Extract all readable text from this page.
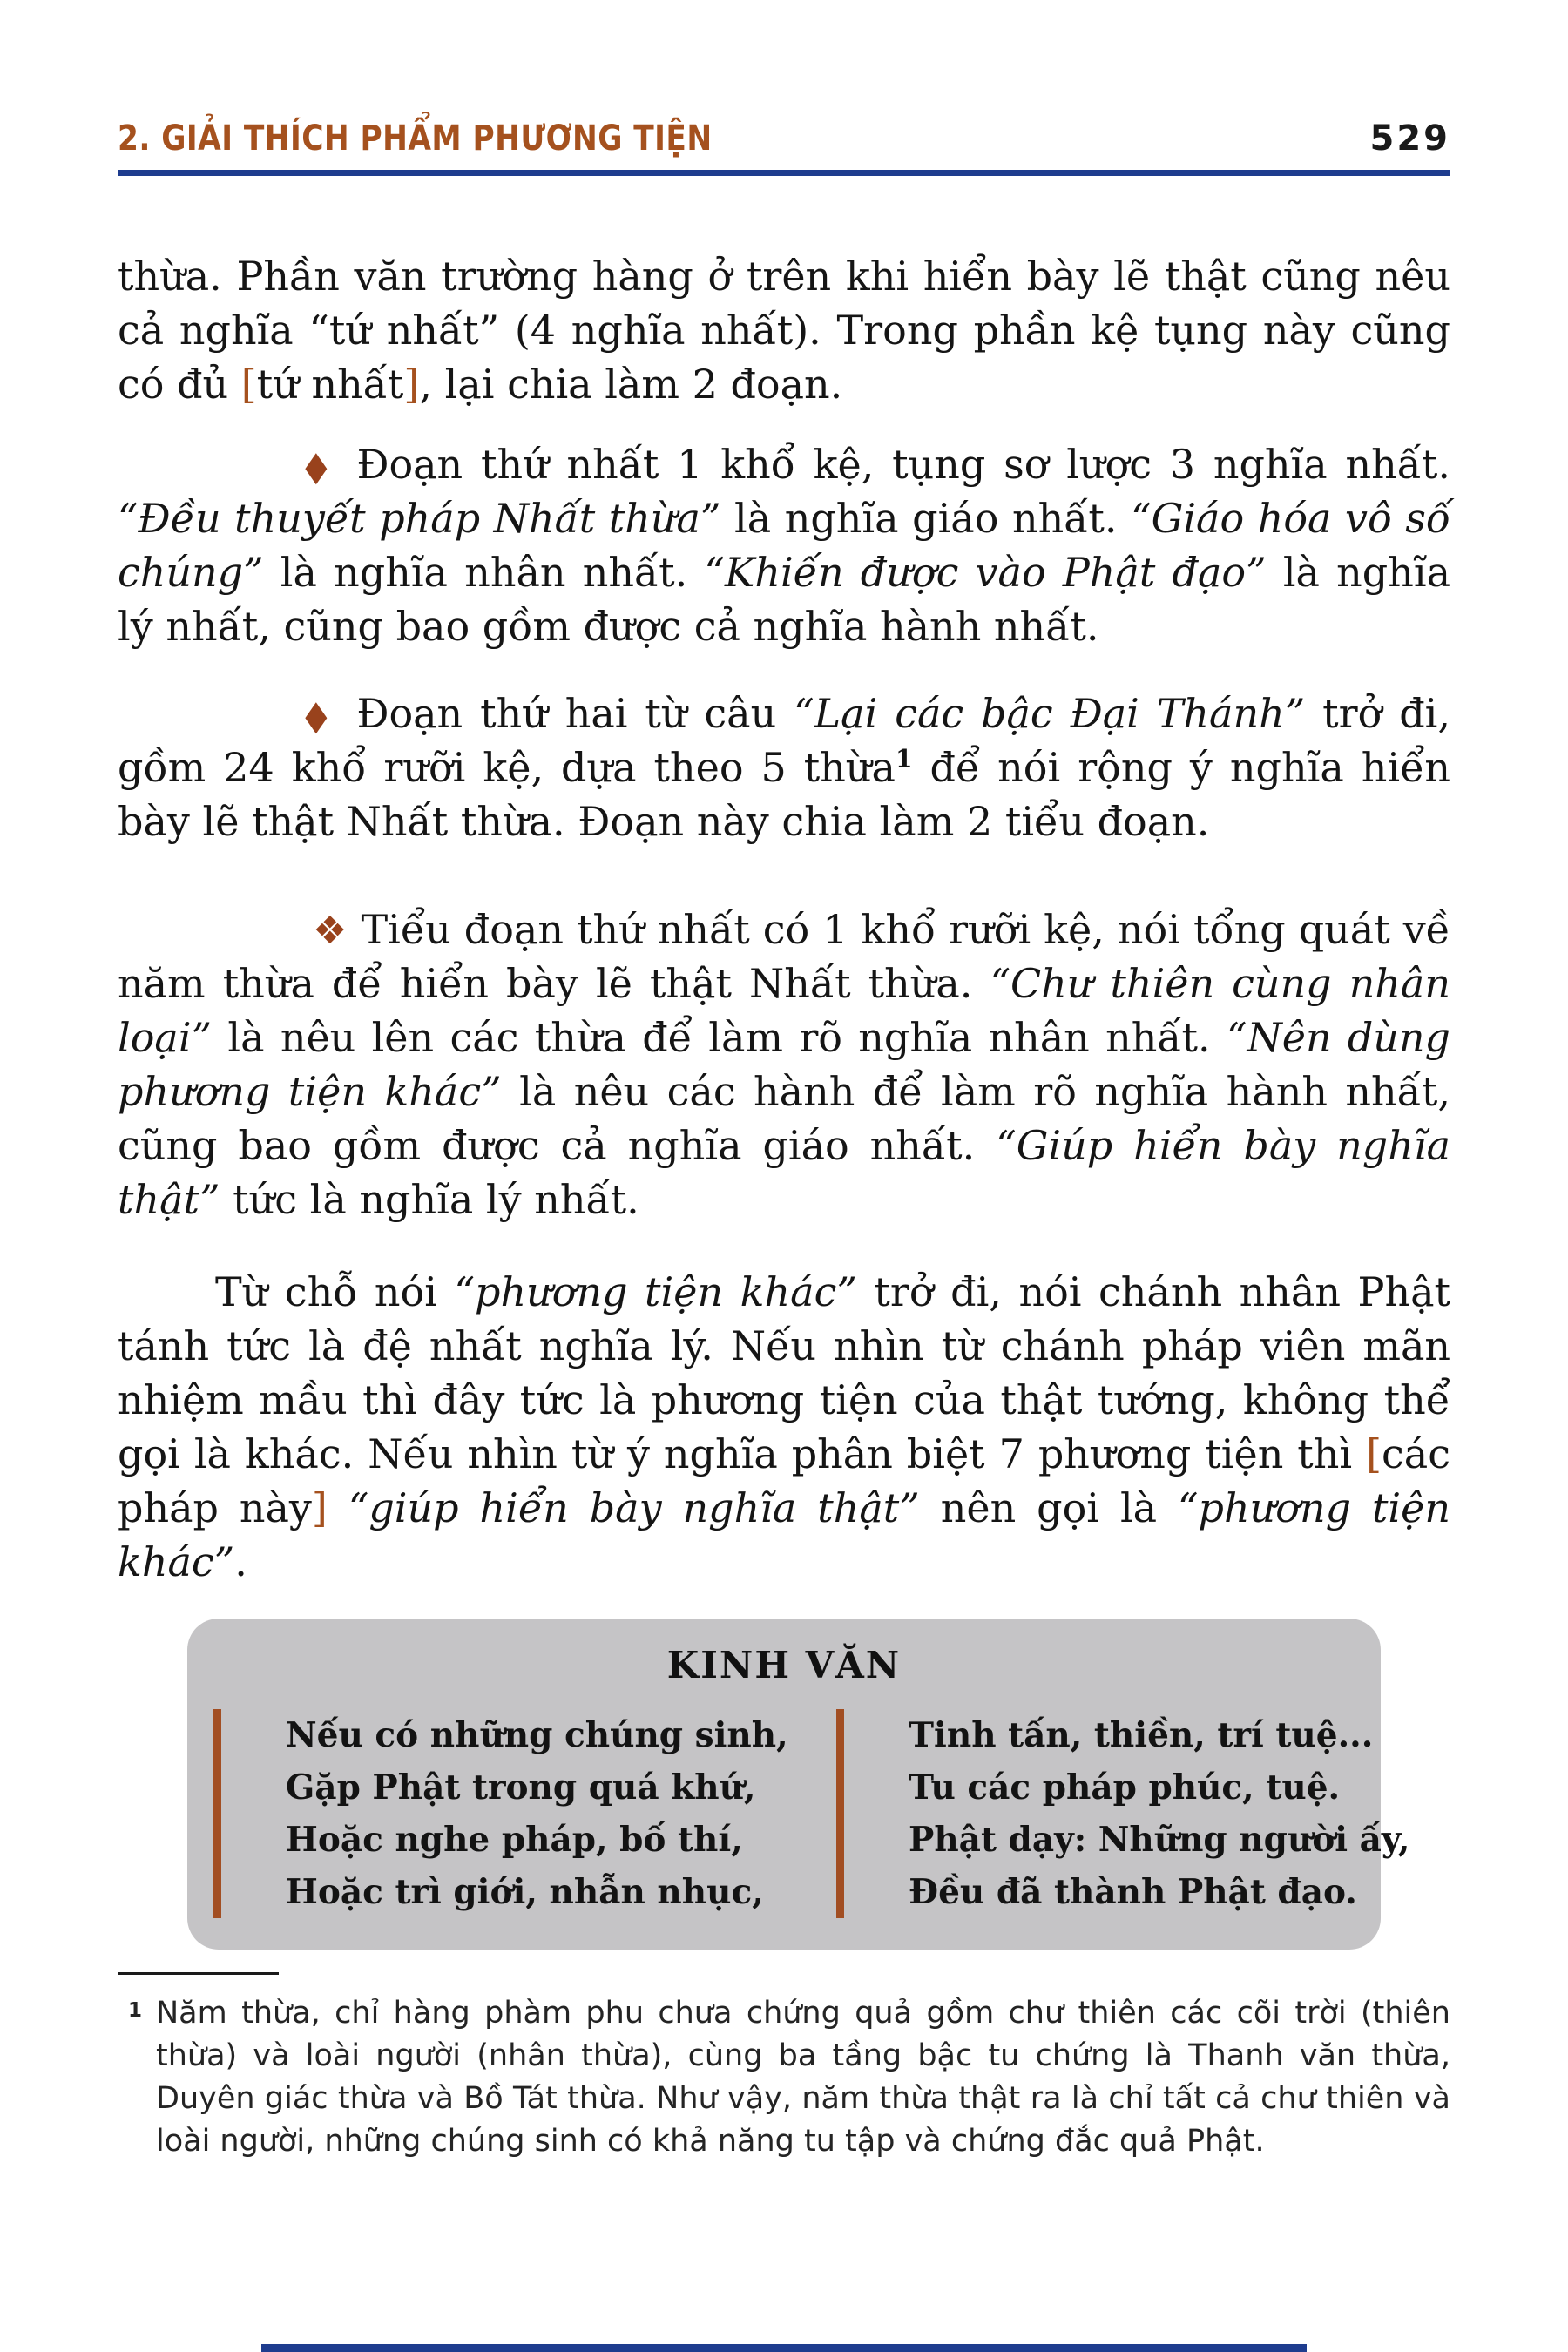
2. GIẢI THÍCH PHẨM PHƯƠNG TIỆN	529

thừa. Phần văn trường hàng ở trên khi hiển bày lẽ thật cũng nêu cả nghĩa “tứ nhất” (4 nghĩa nhất). Trong phần kệ tụng này cũng có đủ [tứ nhất], lại chia làm 2 đoạn.

◆ Đoạn thứ nhất 1 khổ kệ, tụng sơ lược 3 nghĩa nhất. “Đều thuyết pháp Nhất thừa” là nghĩa giáo nhất. “Giáo hóa vô số chúng” là nghĩa nhân nhất. “Khiến được vào Phật đạo” là nghĩa lý nhất, cũng bao gồm được cả nghĩa hành nhất.

◆ Đoạn thứ hai từ câu “Lại các bậc Đại Thánh” trở đi, gồm 24 khổ rưỡi kệ, dựa theo 5 thừa$^1$ để nói rộng ý nghĩa hiển bày lẽ thật Nhất thừa. Đoạn này chia làm 2 tiểu đoạn.

❖ Tiểu đoạn thứ nhất có 1 khổ rưỡi kệ, nói tổng quát về năm thừa để hiển bày lẽ thật Nhất thừa. “Chư thiên cùng nhân loại” là nêu lên các thừa để làm rõ nghĩa nhân nhất. “Nên dùng phương tiện khác” là nêu các hành để làm rõ nghĩa hành nhất, cũng bao gồm được cả nghĩa giáo nhất. “Giúp hiển bày nghĩa thật” tức là nghĩa lý nhất.

Từ chỗ nói “phương tiện khác” trở đi, nói chánh nhân Phật tánh tức là đệ nhất nghĩa lý. Nếu nhìn từ chánh pháp viên mãn nhiệm mầu thì đây tức là phương tiện của thật tướng, không thể gọi là khác. Nếu nhìn từ ý nghĩa phân biệt 7 phương tiện thì [các pháp này] “giúp hiển bày nghĩa thật” nên gọi là “phương tiện khác”.

KINH VĂN
Nếu có những chúng sinh,
Gặp Phật trong quá khứ,
Hoặc nghe pháp, bố thí,
Hoặc trì giới, nhẫn nhục,
Tinh tấn, thiền, trí tuệ...
Tu các pháp phúc, tuệ.
Phật dạy: Những người ấy,
Đều đã thành Phật đạo.
1 Năm thừa, chỉ hàng phàm phu chưa chứng quả gồm chư thiên các cõi trời (thiên thừa) và loài người (nhân thừa), cùng ba tầng bậc tu chứng là Thanh văn thừa, Duyên giác thừa và Bồ Tát thừa. Như vậy, năm thừa thật ra là chỉ tất cả chư thiên và loài người, những chúng sinh có khả năng tu tập và chứng đắc quả Phật.
